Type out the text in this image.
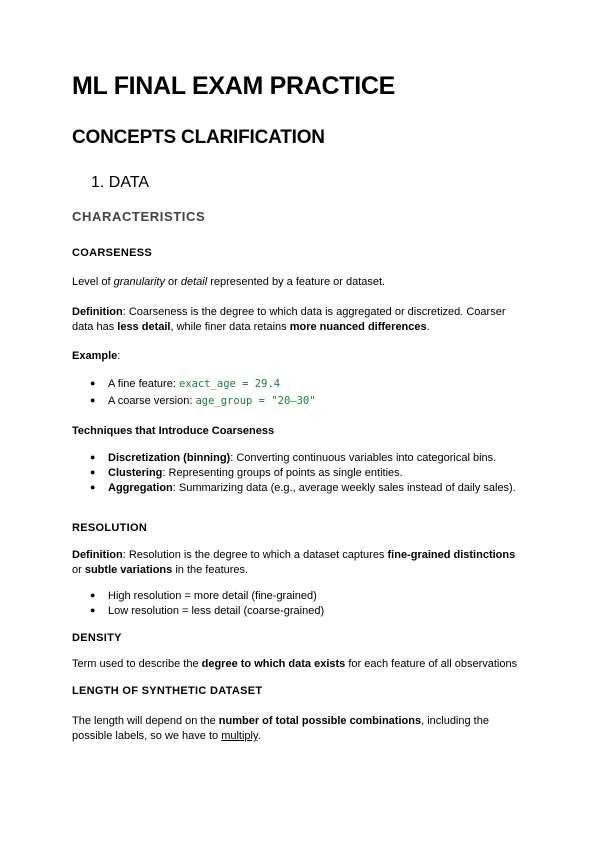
ML FINAL EXAM PRACTICE
CONCEPTS CLARIFICATION
1. DATA
CHARACTERISTICS
COARSENESS
Level of granularity or detail represented by a feature or dataset.
Definition: Coarseness is the degree to which data is aggregated or discretized. Coarser
data has less detail, while finer data retains more nuanced differences.
Example:
● A fine feature: exact_age = 29.4
● A coarse version: age_group = "20–30"
Techniques that Introduce Coarseness
● Discretization (binning): Converting continuous variables into categorical bins.
● Clustering: Representing groups of points as single entities.
● Aggregation: Summarizing data (e.g., average weekly sales instead of daily sales).
RESOLUTION
Definition: Resolution is the degree to which a dataset captures fine-grained distinctions
or subtle variations in the features.
● High resolution = more detail (fine-grained)
● Low resolution = less detail (coarse-grained)
DENSITY
Term used to describe the degree to which data exists for each feature of all observations
LENGTH OF SYNTHETIC DATASET
The length will depend on the number of total possible combinations, including the
possible labels, so we have to multiply.
